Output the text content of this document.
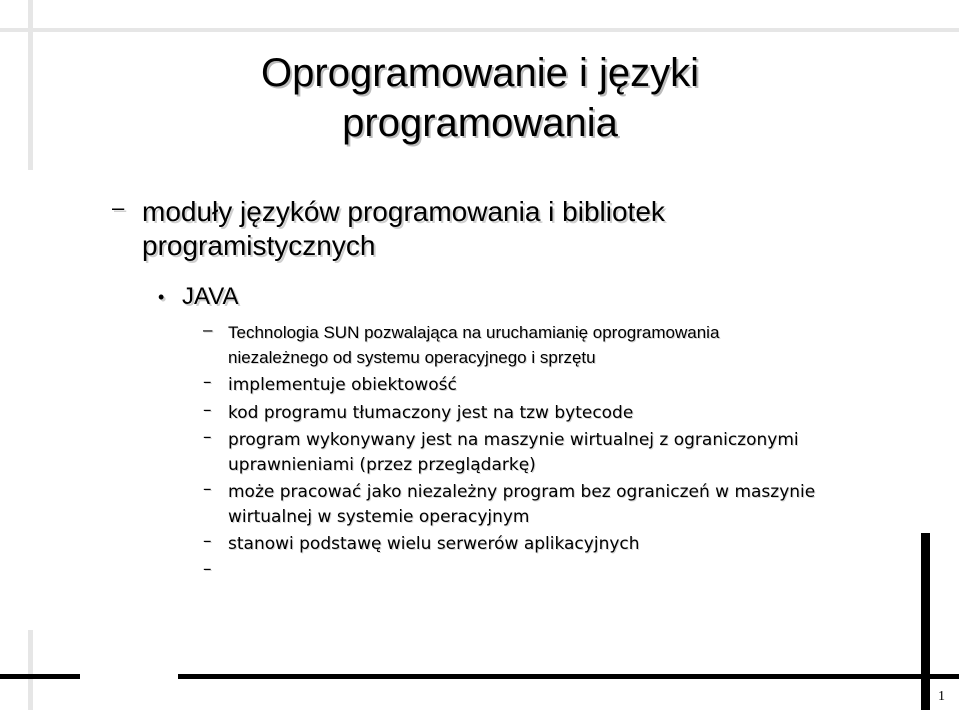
Oprogramowanie i języki
programowania
– moduły języków programowania i bibliotek
programistycznych
• JAVA
– Technologia SUN pozwalająca na uruchamianię oprogramowania
niezależnego od systemu operacyjnego i sprzętu
– implementuje obiektowość
– kod programu tłumaczony jest na tzw bytecode
– program wykonywany jest na maszynie wirtualnej z ograniczonymi
uprawnieniami (przez przeglądarkę)
– może pracować jako niezależny program bez ograniczeń w maszynie
wirtualnej w systemie operacyjnym
– stanowi podstawę wielu serwerów aplikacyjnych
–

1
